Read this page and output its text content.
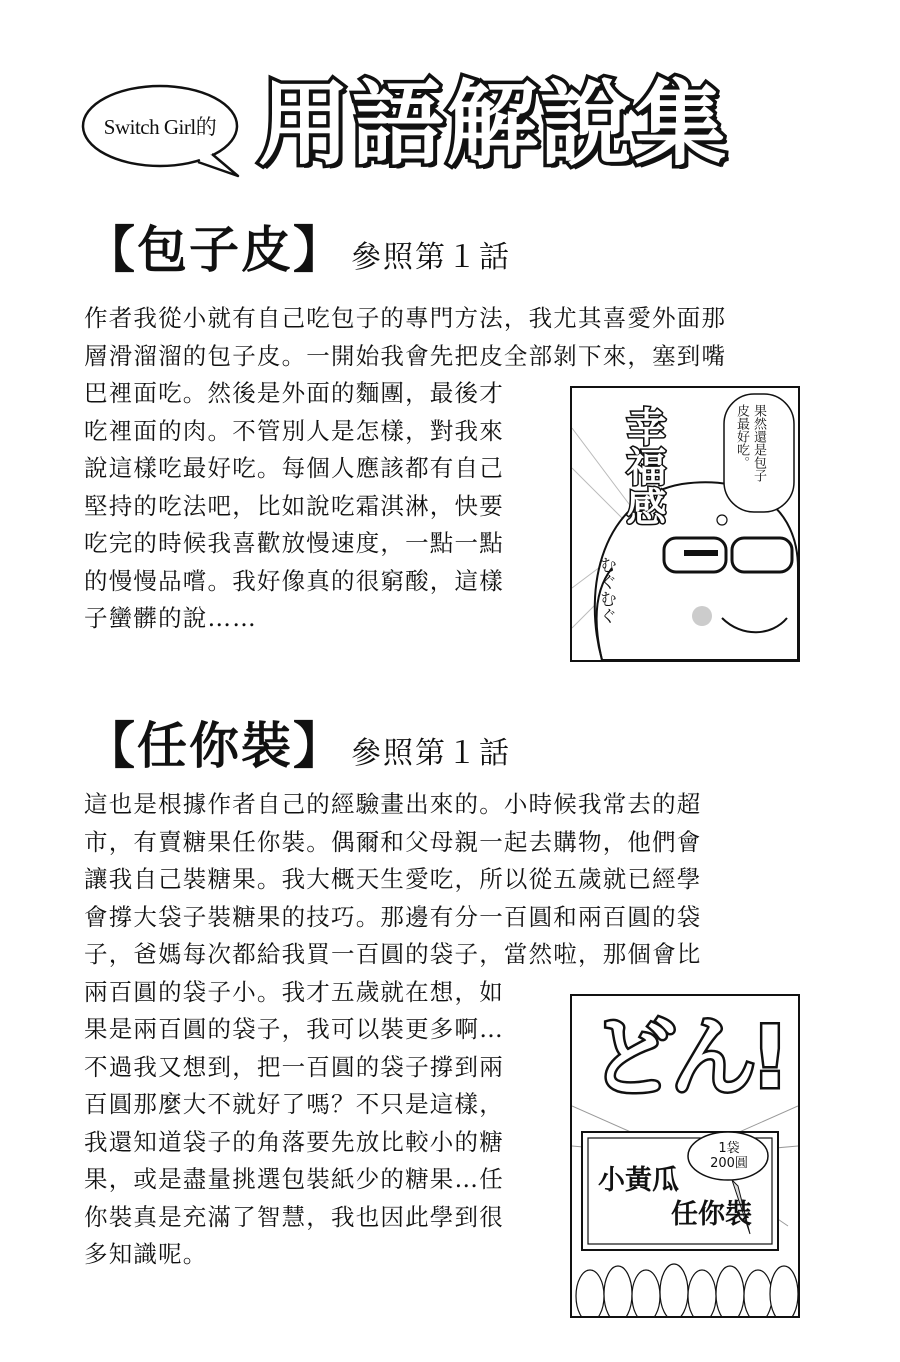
Switch Girl的 用語解說集
【包子皮】 參照第１話
作者我從小就有自己吃包子的專門方法，我尤其喜愛外面那
層滑溜溜的包子皮。一開始我會先把皮全部剝下來，塞到嘴
巴裡面吃。然後是外面的麵團，最後才
吃裡面的肉。不管別人是怎樣，對我來
說這樣吃最好吃。每個人應該都有自己
堅持的吃法吧，比如說吃霜淇淋，快要
吃完的時候我喜歡放慢速度，一點一點
的慢慢品嚐。我好像真的很窮酸，這樣
子蠻髒的說……
幸福感	果然還是包子
皮最好吃。
むぐむぐ
【任你裝】 參照第１話
這也是根據作者自己的經驗畫出來的。小時候我常去的超
市，有賣糖果任你裝。偶爾和父母親一起去購物，他們會
讓我自己裝糖果。我大概天生愛吃，所以從五歲就已經學
會撐大袋子裝糖果的技巧。那邊有分一百圓和兩百圓的袋
子，爸媽每次都給我買一百圓的袋子，當然啦，那個會比
兩百圓的袋子小。我才五歲就在想，如
果是兩百圓的袋子，我可以裝更多啊…
不過我又想到，把一百圓的袋子撐到兩
百圓那麼大不就好了嗎？不只是這樣，
我還知道袋子的角落要先放比較小的糖
果，或是盡量挑選包裝紙少的糖果…任
你裝真是充滿了智慧，我也因此學到很
多知識呢。
どん!
1袋
200圓
小黃瓜
任你裝
